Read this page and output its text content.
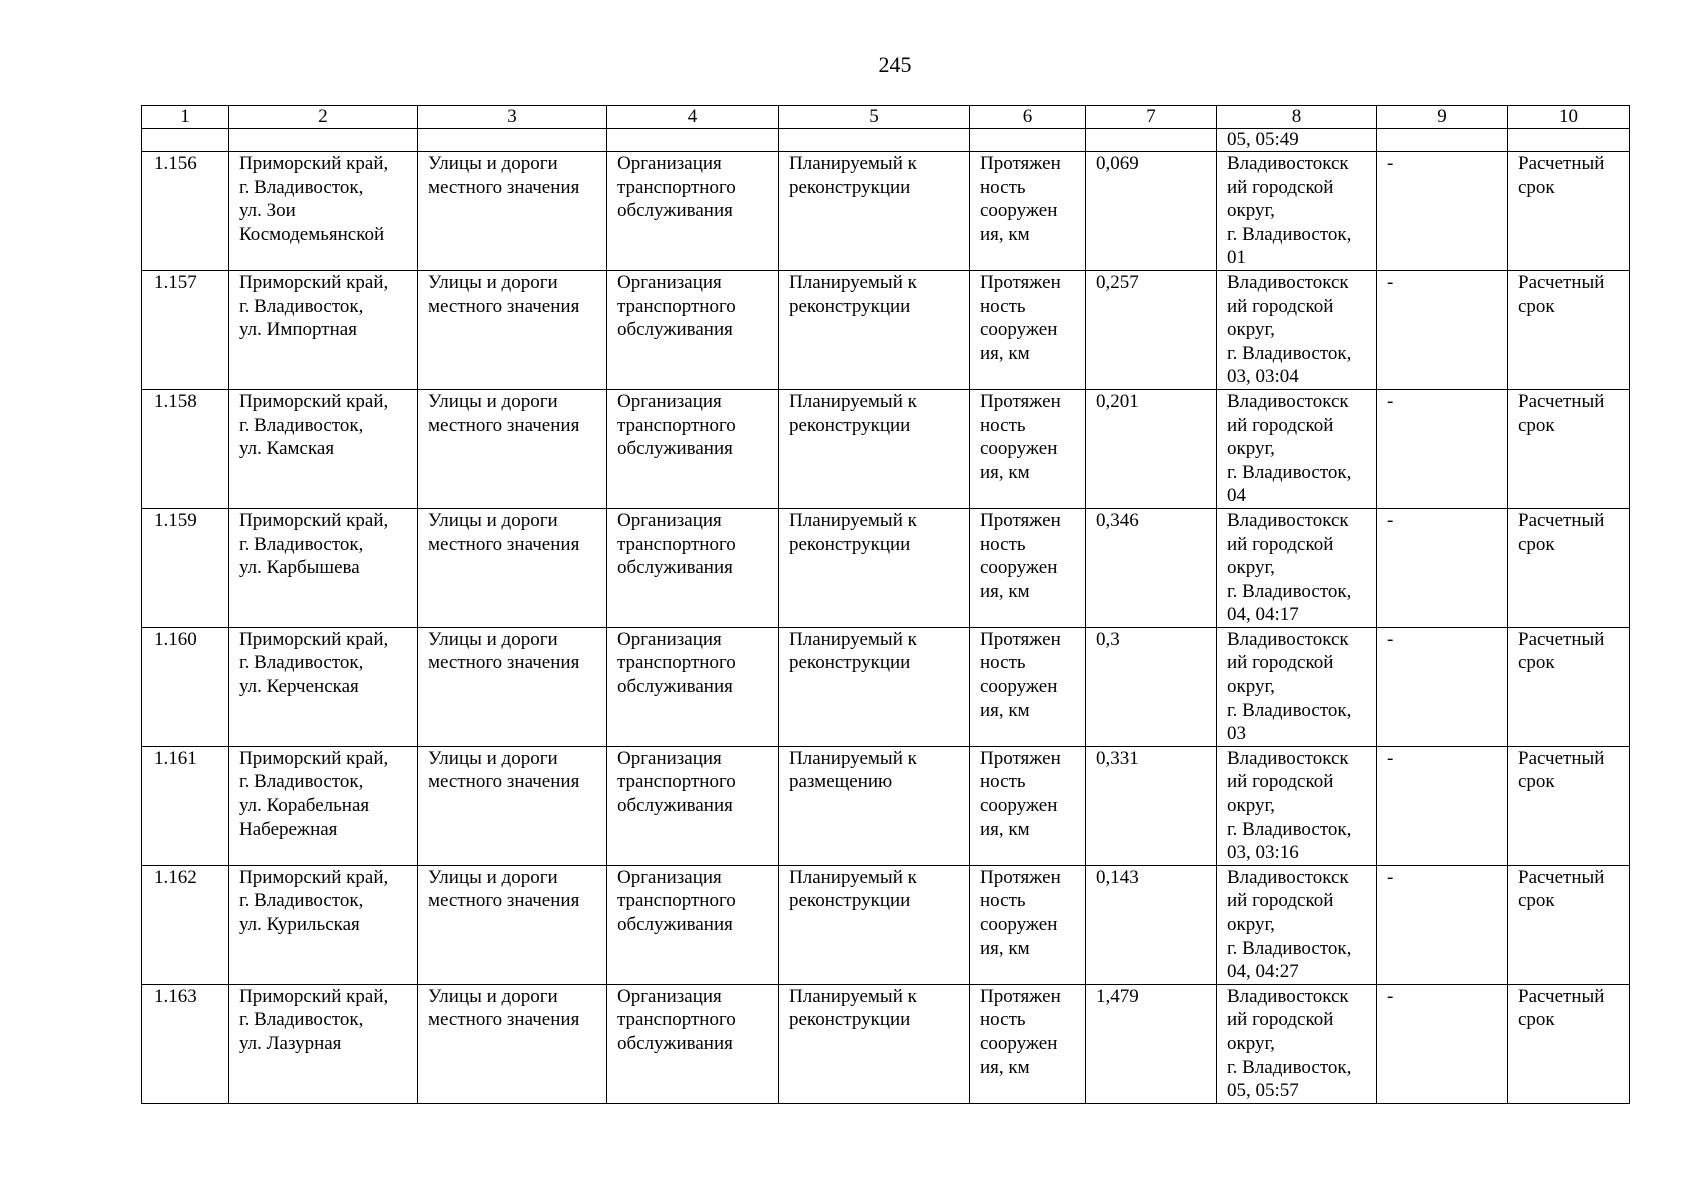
245
1	2	3	4	5	6	7	8	9	10
							05, 05:49		
1.156	Приморский край,
г. Владивосток,
ул. Зои
Космодемьянской	Улицы и дороги
местного значения	Организация
транспортного
обслуживания	Планируемый к
реконструкции	Протяжен
ность
сооружен
ия, км	0,069	Владивостокск
ий городской
округ,
г. Владивосток,
01	-	Расчетный
срок
1.157	Приморский край,
г. Владивосток,
ул. Импортная	Улицы и дороги
местного значения	Организация
транспортного
обслуживания	Планируемый к
реконструкции	Протяжен
ность
сооружен
ия, км	0,257	Владивостокск
ий городской
округ,
г. Владивосток,
03, 03:04	-	Расчетный
срок
1.158	Приморский край,
г. Владивосток,
ул. Камская	Улицы и дороги
местного значения	Организация
транспортного
обслуживания	Планируемый к
реконструкции	Протяжен
ность
сооружен
ия, км	0,201	Владивостокск
ий городской
округ,
г. Владивосток,
04	-	Расчетный
срок
1.159	Приморский край,
г. Владивосток,
ул. Карбышева	Улицы и дороги
местного значения	Организация
транспортного
обслуживания	Планируемый к
реконструкции	Протяжен
ность
сооружен
ия, км	0,346	Владивостокск
ий городской
округ,
г. Владивосток,
04, 04:17	-	Расчетный
срок
1.160	Приморский край,
г. Владивосток,
ул. Керченская	Улицы и дороги
местного значения	Организация
транспортного
обслуживания	Планируемый к
реконструкции	Протяжен
ность
сооружен
ия, км	0,3	Владивостокск
ий городской
округ,
г. Владивосток,
03	-	Расчетный
срок
1.161	Приморский край,
г. Владивосток,
ул. Корабельная
Набережная	Улицы и дороги
местного значения	Организация
транспортного
обслуживания	Планируемый к
размещению	Протяжен
ность
сооружен
ия, км	0,331	Владивостокск
ий городской
округ,
г. Владивосток,
03, 03:16	-	Расчетный
срок
1.162	Приморский край,
г. Владивосток,
ул. Курильская	Улицы и дороги
местного значения	Организация
транспортного
обслуживания	Планируемый к
реконструкции	Протяжен
ность
сооружен
ия, км	0,143	Владивостокск
ий городской
округ,
г. Владивосток,
04, 04:27	-	Расчетный
срок
1.163	Приморский край,
г. Владивосток,
ул. Лазурная	Улицы и дороги
местного значения	Организация
транспортного
обслуживания	Планируемый к
реконструкции	Протяжен
ность
сооружен
ия, км	1,479	Владивостокск
ий городской
округ,
г. Владивосток,
05, 05:57	-	Расчетный
срок
